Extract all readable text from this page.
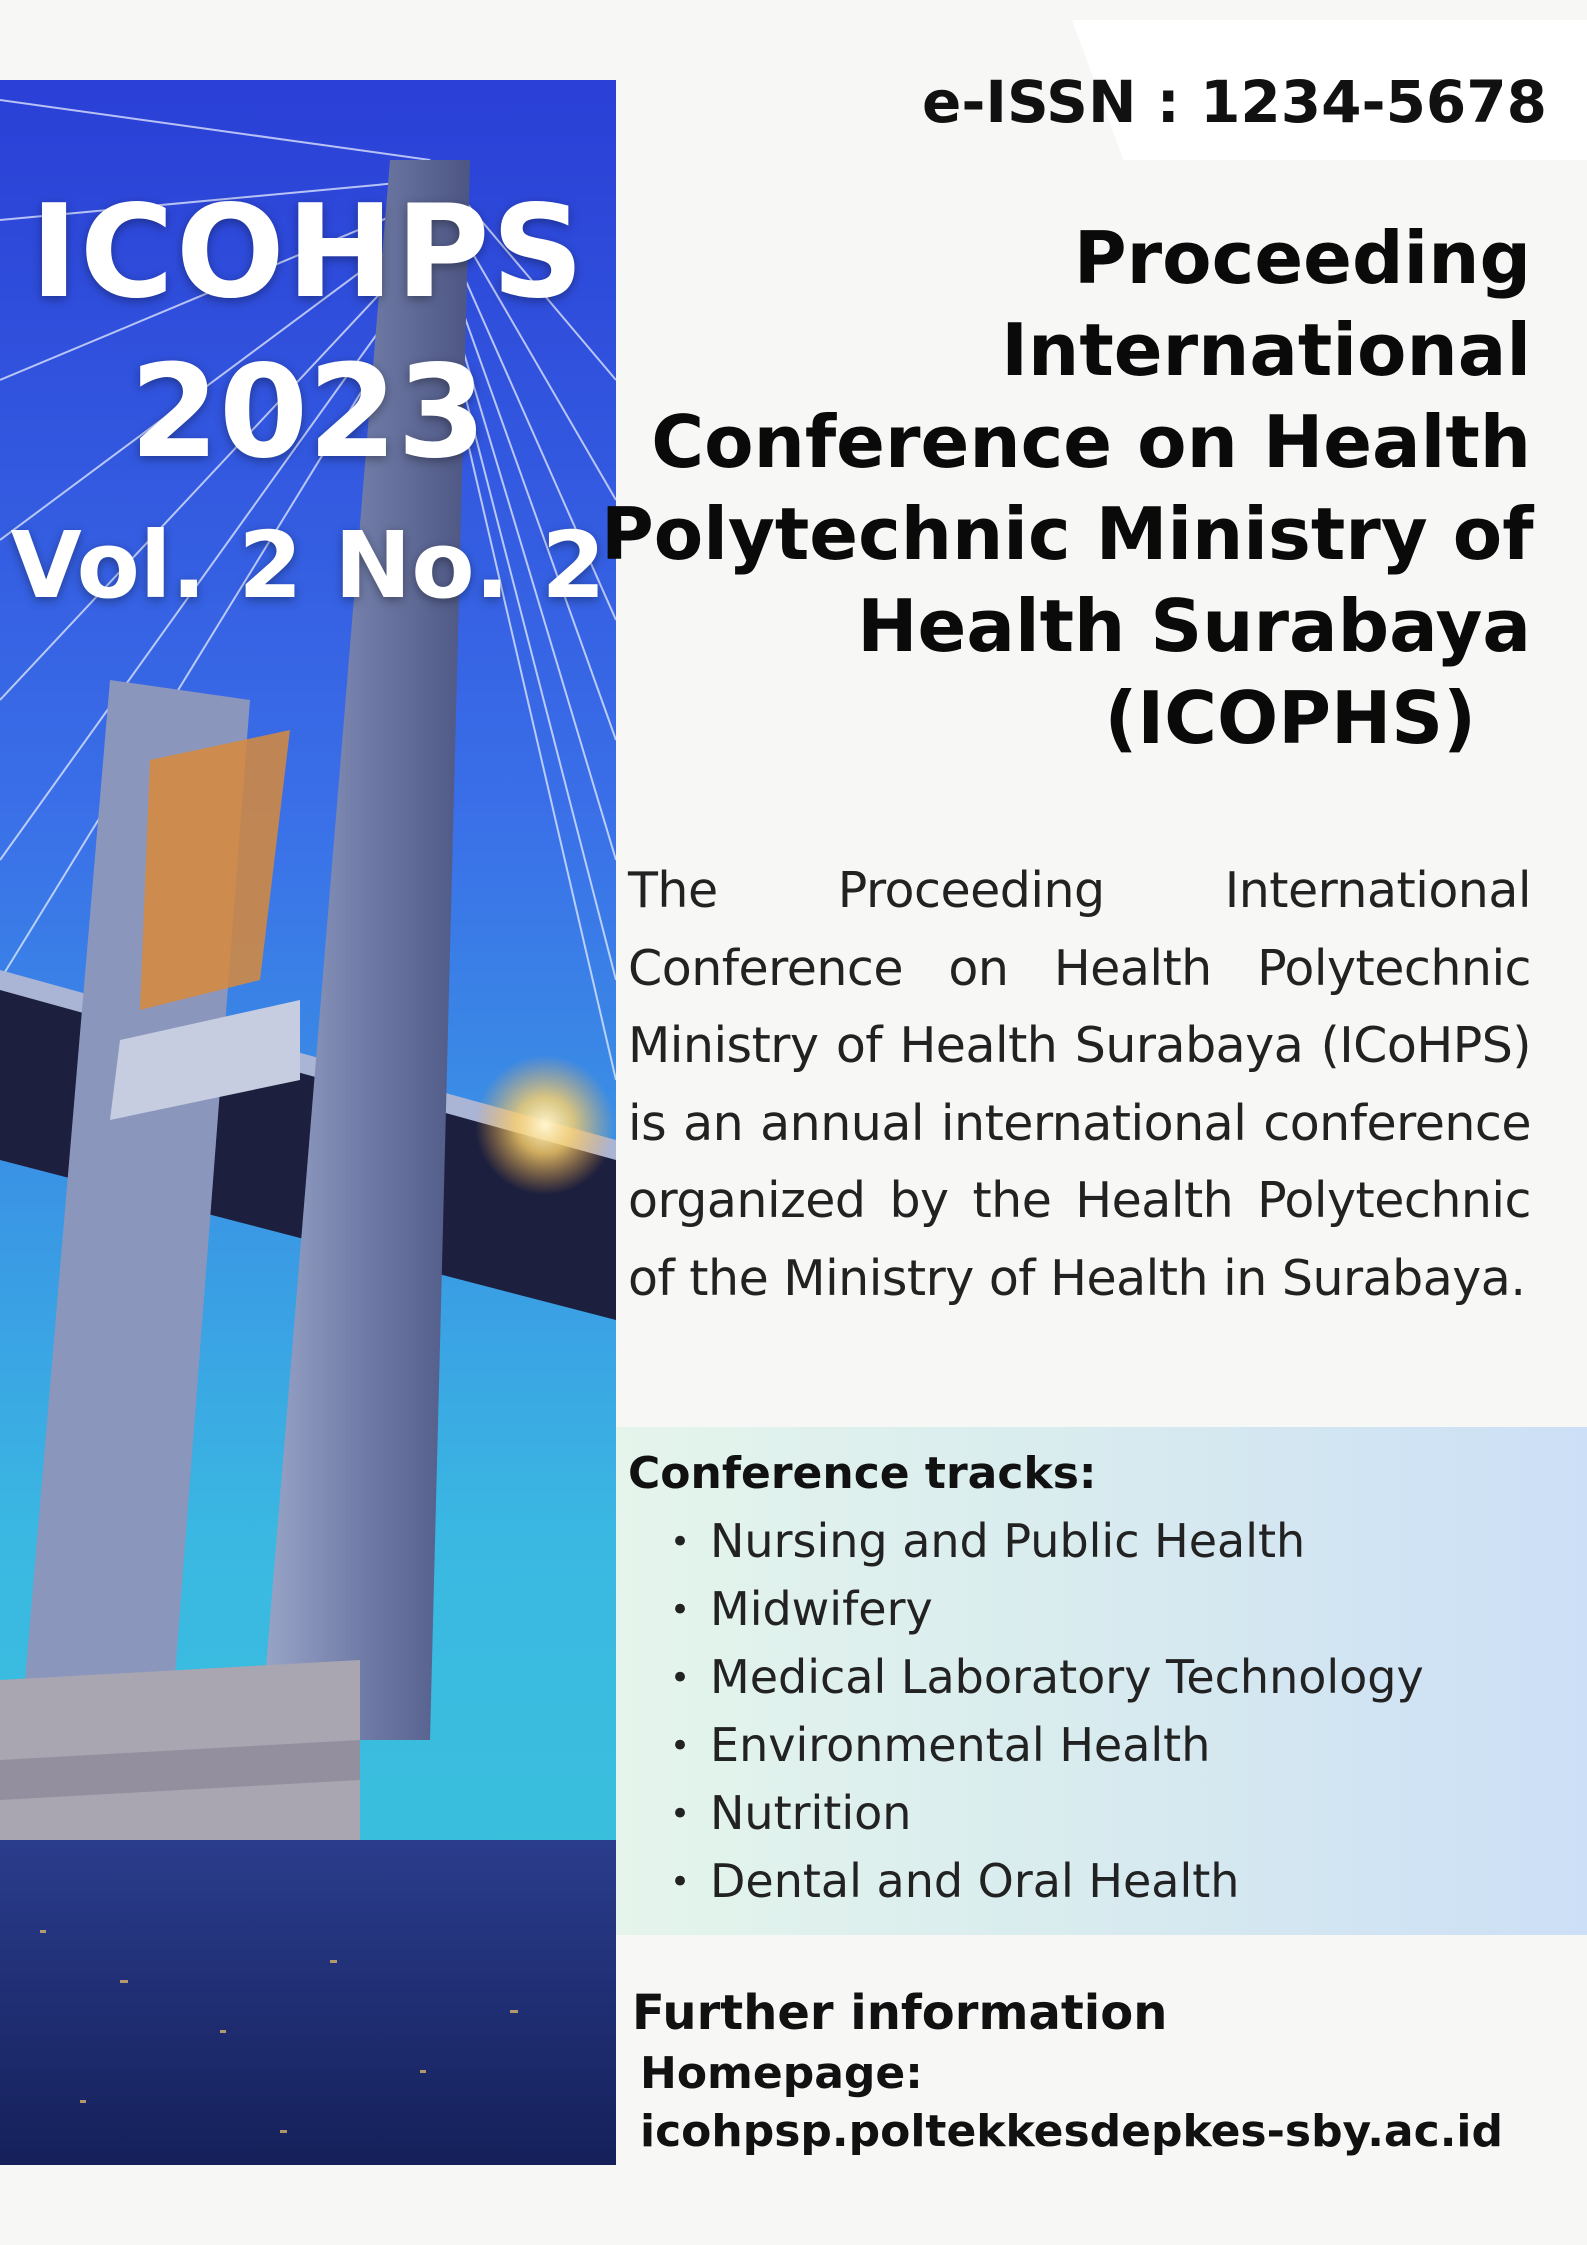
ICOHPS
2023
Vol. 2 No. 2

e-ISSN : 1234-5678

Proceeding
International
Conference on Health
Polytechnic Ministry of
Health Surabaya
(ICOPHS)

The Proceeding International Conference on Health Polytechnic Ministry of Health Surabaya (ICoHPS) is an annual international conference organized by the Health Polytechnic of the Ministry of Health in Surabaya.

Conference tracks:
• Nursing and Public Health
• Midwifery
• Medical Laboratory Technology
• Environmental Health
• Nutrition
• Dental and Oral Health
Further information

Homepage:

icohpsp.poltekkesdepkes-sby.ac.id
